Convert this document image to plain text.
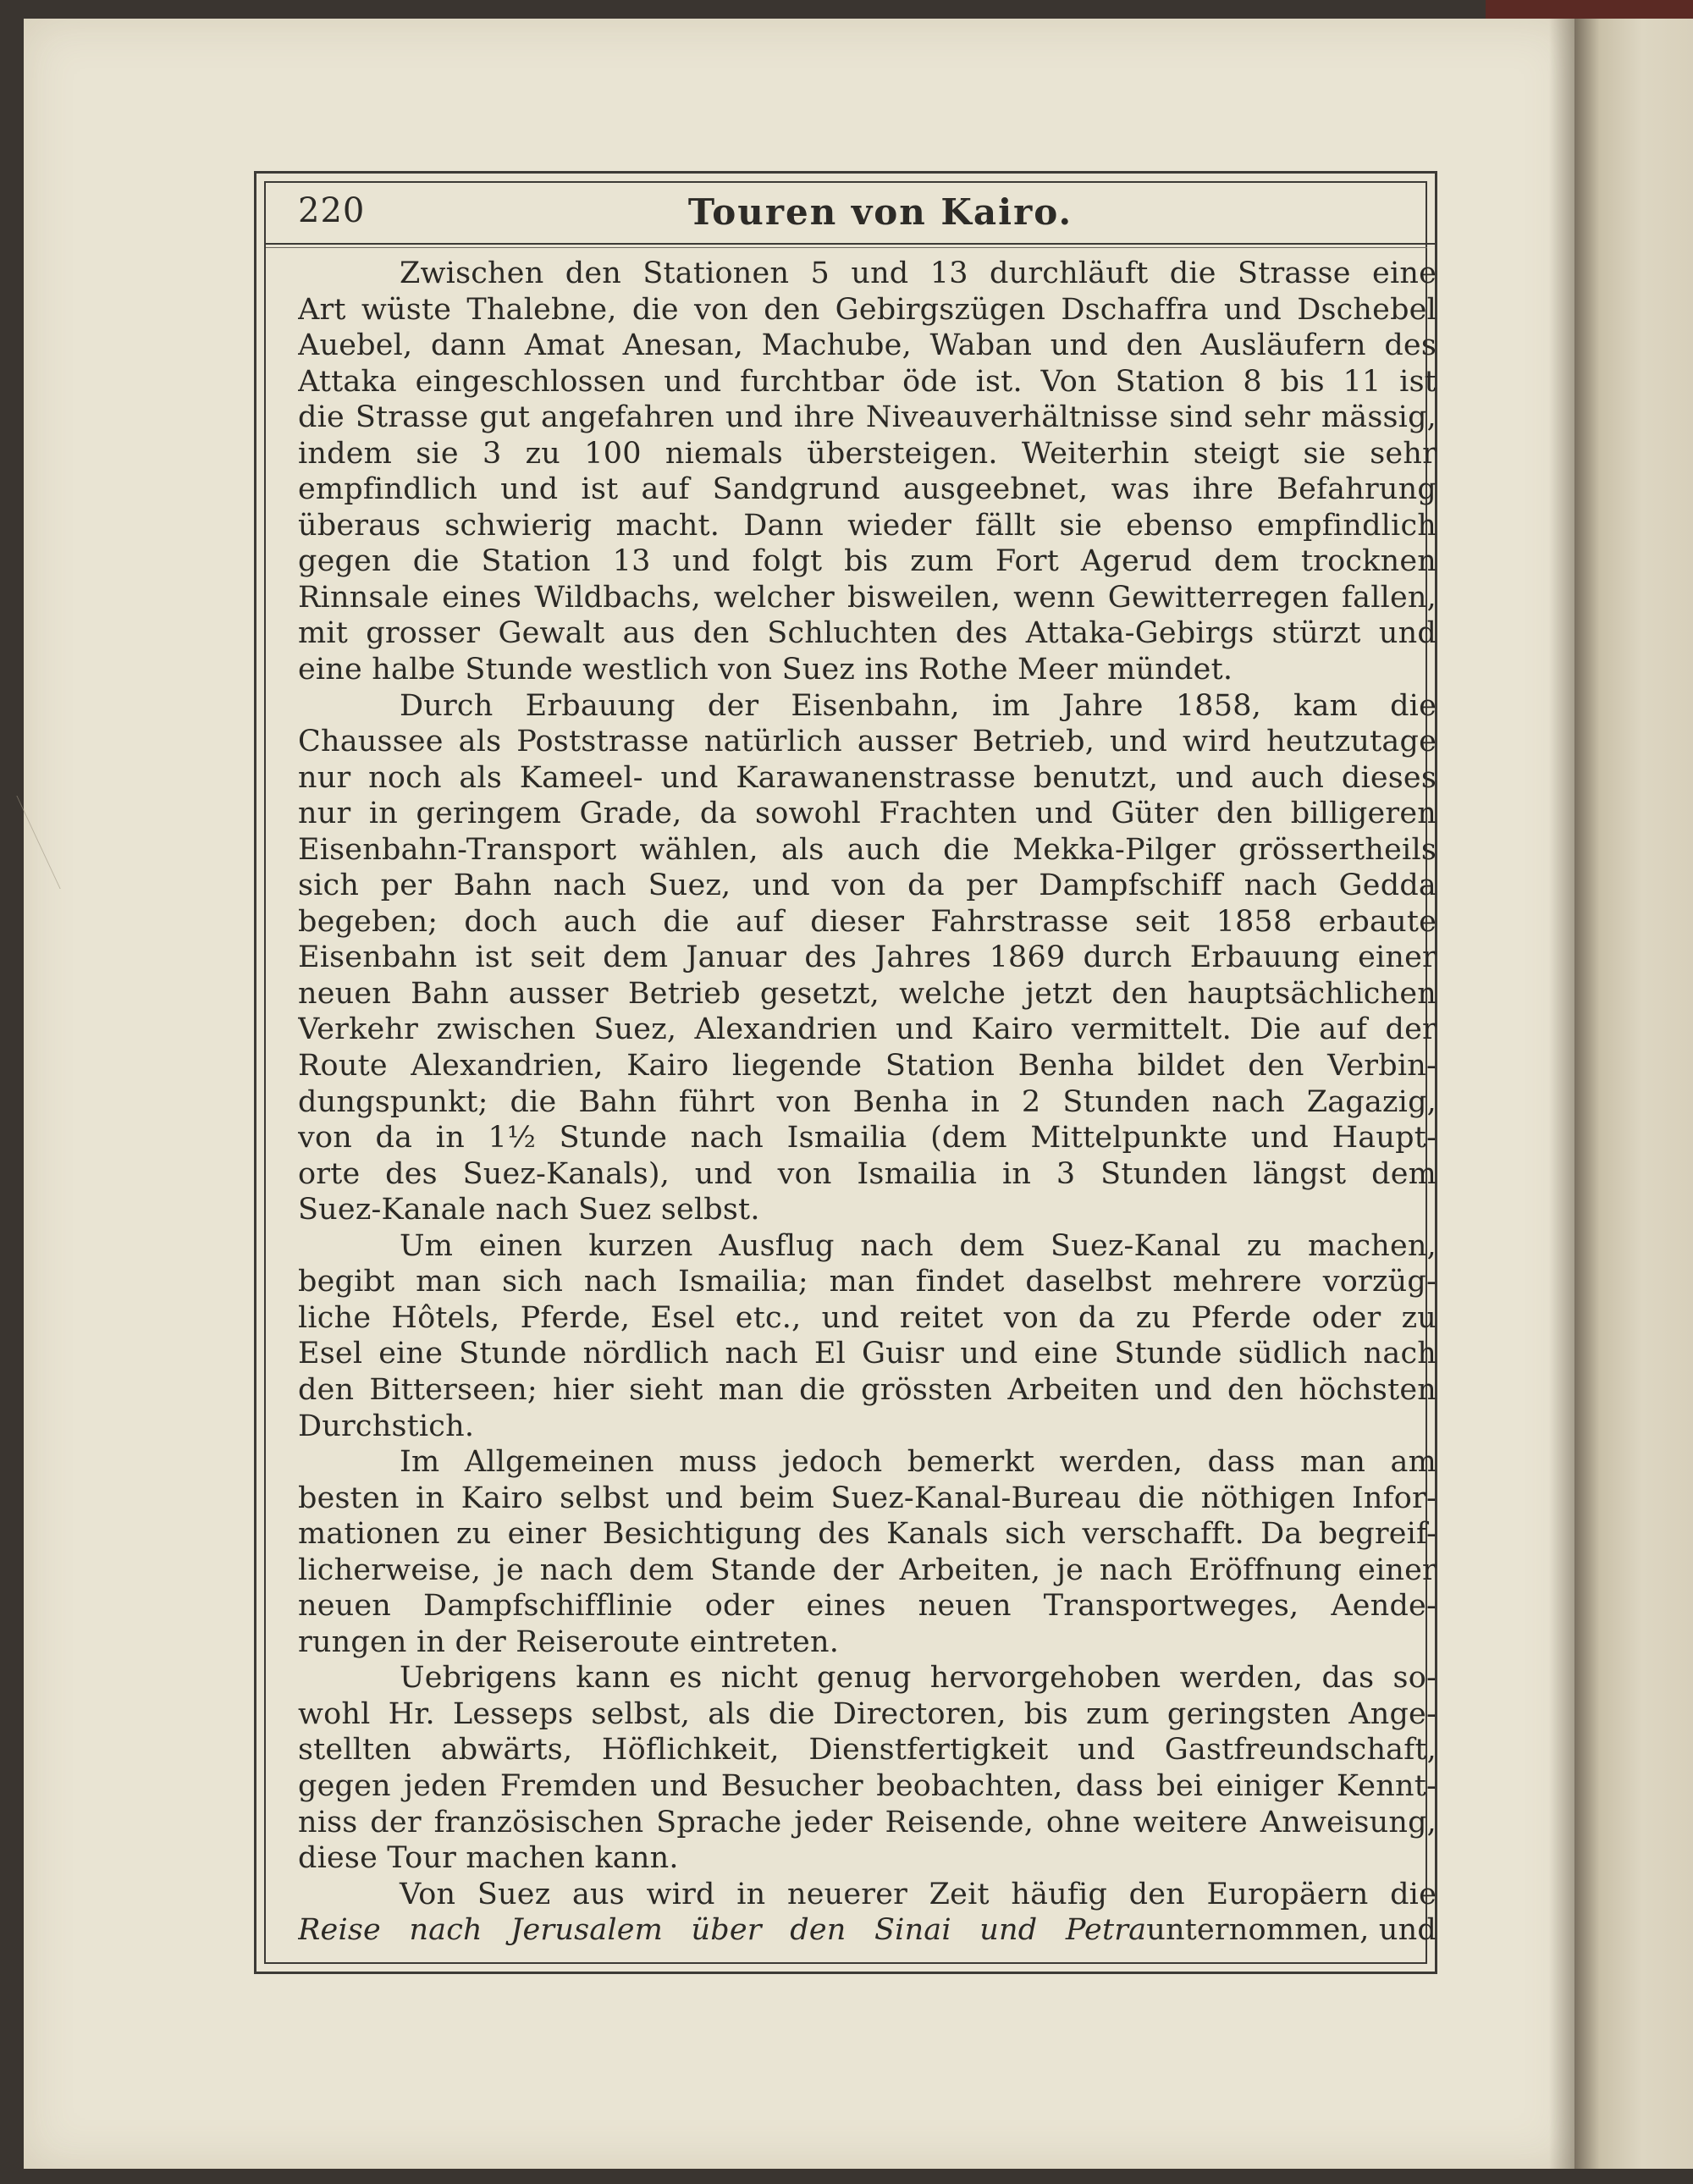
220	Touren von Kairo.
Zwischen den Stationen 5 und 13 durchläuft die Strasse eine
Art wüste Thalebne, die von den Gebirgszügen Dschaffra und Dschebel
Auebel, dann Amat Anesan, Machube, Waban und den Ausläufern des
Attaka eingeschlossen und furchtbar öde ist. Von Station 8 bis 11 ist
die Strasse gut angefahren und ihre Niveauverhältnisse sind sehr mässig,
indem sie 3 zu 100 niemals übersteigen. Weiterhin steigt sie sehr
empfindlich und ist auf Sandgrund ausgeebnet, was ihre Befahrung
überaus schwierig macht. Dann wieder fällt sie ebenso empfindlich
gegen die Station 13 und folgt bis zum Fort Agerud dem trocknen
Rinnsale eines Wildbachs, welcher bisweilen, wenn Gewitterregen fallen,
mit grosser Gewalt aus den Schluchten des Attaka-Gebirgs stürzt und
eine halbe Stunde westlich von Suez ins Rothe Meer mündet.
Durch Erbauung der Eisenbahn, im Jahre 1858, kam die
Chaussee als Poststrasse natürlich ausser Betrieb, und wird heutzutage
nur noch als Kameel- und Karawanenstrasse benutzt, und auch dieses
nur in geringem Grade, da sowohl Frachten und Güter den billigeren
Eisenbahn-Transport wählen, als auch die Mekka-Pilger grössertheils
sich per Bahn nach Suez, und von da per Dampfschiff nach Gedda
begeben; doch auch die auf dieser Fahrstrasse seit 1858 erbaute
Eisenbahn ist seit dem Januar des Jahres 1869 durch Erbauung einer
neuen Bahn ausser Betrieb gesetzt, welche jetzt den hauptsächlichen
Verkehr zwischen Suez, Alexandrien und Kairo vermittelt. Die auf der
Route Alexandrien, Kairo liegende Station Benha bildet den Verbin-
dungspunkt; die Bahn führt von Benha in 2 Stunden nach Zagazig,
von da in 1½ Stunde nach Ismailia (dem Mittelpunkte und Haupt-
orte des Suez-Kanals), und von Ismailia in 3 Stunden längst dem
Suez-Kanale nach Suez selbst.
Um einen kurzen Ausflug nach dem Suez-Kanal zu machen,
begibt man sich nach Ismailia; man findet daselbst mehrere vorzüg-
liche Hôtels, Pferde, Esel etc., und reitet von da zu Pferde oder zu
Esel eine Stunde nördlich nach El Guisr und eine Stunde südlich nach
den Bitterseen; hier sieht man die grössten Arbeiten und den höchsten
Durchstich.
Im Allgemeinen muss jedoch bemerkt werden, dass man am
besten in Kairo selbst und beim Suez-Kanal-Bureau die nöthigen Infor-
mationen zu einer Besichtigung des Kanals sich verschafft. Da begreif-
licherweise, je nach dem Stande der Arbeiten, je nach Eröffnung einer
neuen Dampfschifflinie oder eines neuen Transportweges, Aende-
rungen in der Reiseroute eintreten.
Uebrigens kann es nicht genug hervorgehoben werden, das so-
wohl Hr. Lesseps selbst, als die Directoren, bis zum geringsten Ange-
stellten abwärts, Höflichkeit, Dienstfertigkeit und Gastfreundschaft,
gegen jeden Fremden und Besucher beobachten, dass bei einiger Kennt-
niss der französischen Sprache jeder Reisende, ohne weitere Anweisung,
diese Tour machen kann.
Von Suez aus wird in neuerer Zeit häufig den Europäern die
Reise nach Jerusalem über den Sinai und Petraunternommen, und
